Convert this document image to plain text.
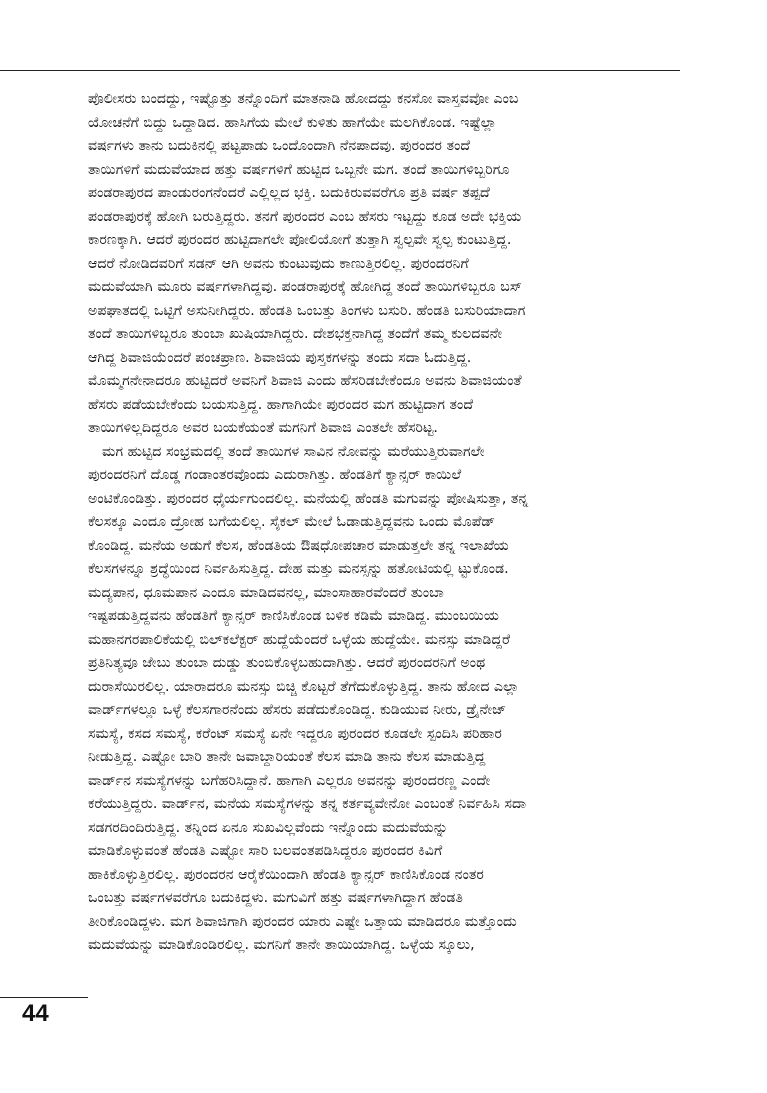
ಪೊಲೀಸರು ಬಂದದ್ದು, ಇಷ್ಟೊತ್ತು ತನ್ನೊಂದಿಗೆ ಮಾತನಾಡಿ ಹೋದದ್ದು ಕನಸೋ ವಾಸ್ತವವೋ ಎಂಬ
ಯೋಚನೆಗೆ ಬಿದ್ದು ಒದ್ದಾಡಿದ. ಹಾಸಿಗೆಯ ಮೇಲೆ ಕುಳಿತು ಹಾಗೆಯೇ ಮಲಗಿಕೊಂಡ. ಇಷ್ಟೆಲ್ಲಾ
ವರ್ಷಗಳು ತಾನು ಬದುಕಿನಲ್ಲಿ ಪಟ್ಟಪಾಡು ಒಂದೊಂದಾಗಿ ನೆನಪಾದವು. ಪುರಂದರ ತಂದೆ
ತಾಯಿಗಳಿಗೆ ಮದುವೆಯಾದ ಹತ್ತು ವರ್ಷಗಳಿಗೆ ಹುಟ್ಟಿದ ಒಬ್ಬನೇ ಮಗ. ತಂದೆ ತಾಯಿಗಳಿಬ್ಬರಿಗೂ
ಪಂಡರಾಪುರದ ಪಾಂಡುರಂಗನೆಂದರೆ ಎಲ್ಲಿಲ್ಲದ ಭಕ್ತಿ. ಬದುಕಿರುವವರೆಗೂ ಪ್ರತಿ ವರ್ಷ ತಪ್ಪದೆ
ಪಂಡರಾಪುರಕ್ಕೆ ಹೋಗಿ ಬರುತ್ತಿದ್ದರು. ತನಗೆ ಪುರಂದರ ಎಂಬ ಹೆಸರು ಇಟ್ಟದ್ದು ಕೂಡ ಅದೇ ಭಕ್ತಿಯ
ಕಾರಣಕ್ಕಾಗಿ. ಆದರೆ ಪುರಂದರ ಹುಟ್ಟಿದಾಗಲೇ ಪೋಲಿಯೋಗೆ ತುತ್ತಾಗಿ ಸ್ವಲ್ಪವೇ ಸ್ವಲ್ಪ ಕುಂಟುತ್ತಿದ್ದ.
ಆದರೆ ನೋಡಿದವರಿಗೆ ಸಡನ್ ಆಗಿ ಅವನು ಕುಂಟುವುದು ಕಾಣುತ್ತಿರಲಿಲ್ಲ. ಪುರಂದರನಿಗೆ
ಮದುವೆಯಾಗಿ ಮೂರು ವರ್ಷಗಳಾಗಿದ್ದವು. ಪಂಡರಾಪುರಕ್ಕೆ ಹೋಗಿದ್ದ ತಂದೆ ತಾಯಿಗಳಿಬ್ಬರೂ ಬಸ್
ಅಪಘಾತದಲ್ಲಿ ಒಟ್ಟಿಗೆ ಅಸುನೀಗಿದ್ದರು. ಹೆಂಡತಿ ಒಂಬತ್ತು ತಿಂಗಳು ಬಸುರಿ. ಹೆಂಡತಿ ಬಸುರಿಯಾದಾಗ
ತಂದೆ ತಾಯಿಗಳಿಬ್ಬರೂ ತುಂಬಾ ಖುಷಿಯಾಗಿದ್ದರು. ದೇಶಭಕ್ತನಾಗಿದ್ದ ತಂದೆಗೆ ತಮ್ಮ ಕುಲದವನೇ
ಆಗಿದ್ದ ಶಿವಾಜಿಯೆಂದರೆ ಪಂಚಪ್ರಾಣ. ಶಿವಾಜಿಯ ಪುಸ್ತಕಗಳನ್ನು ತಂದು ಸದಾ ಓದುತ್ತಿದ್ದ.
ಮೊಮ್ಮಗನೇನಾದರೂ ಹುಟ್ಟಿದರೆ ಅವನಿಗೆ ಶಿವಾಜಿ ಎಂದು ಹೆಸರಿಡಬೇಕೆಂದೂ ಅವನು ಶಿವಾಜಿಯಂತೆ
ಹೆಸರು ಪಡೆಯಬೇಕೆಂದು ಬಯಸುತ್ತಿದ್ದ. ಹಾಗಾಗಿಯೇ ಪುರಂದರ ಮಗ ಹುಟ್ಟಿದಾಗ ತಂದೆ
ತಾಯಿಗಳಿಲ್ಲದಿದ್ದರೂ ಅವರ ಬಯಕೆಯಂತೆ ಮಗನಿಗೆ ಶಿವಾಜಿ ಎಂತಲೇ ಹೆಸರಿಟ್ಟ.
ಮಗ ಹುಟ್ಟಿದ ಸಂಭ್ರಮದಲ್ಲಿ ತಂದೆ ತಾಯಿಗಳ ಸಾವಿನ ನೋವನ್ನು ಮರೆಯುತ್ತಿರುವಾಗಲೇ
ಪುರಂದರನಿಗೆ ದೊಡ್ಡ ಗಂಡಾಂತರವೊಂದು ಎದುರಾಗಿತ್ತು. ಹೆಂಡತಿಗೆ ಕ್ಯಾನ್ಸರ್ ಕಾಯಿಲೆ
ಅಂಟಿಕೊಂಡಿತ್ತು. ಪುರಂದರ ಧೈರ್ಯಗುಂದಲಿಲ್ಲ. ಮನೆಯಲ್ಲಿ ಹೆಂಡತಿ ಮಗುವನ್ನು ಪೋಷಿಸುತ್ತಾ, ತನ್ನ
ಕೆಲಸಕ್ಕೂ ಎಂದೂ ದ್ರೋಹ ಬಗೆಯಲಿಲ್ಲ. ಸೈಕಲ್ ಮೇಲೆ ಓಡಾಡುತ್ತಿದ್ದವನು ಒಂದು ಮೊಪೆಡ್
ಕೊಂಡಿದ್ದ. ಮನೆಯ ಅಡುಗೆ ಕೆಲಸ, ಹೆಂಡತಿಯ ಔಷಧೋಪಚಾರ ಮಾಡುತ್ತಲೇ ತನ್ನ ಇಲಾಖೆಯ
ಕೆಲಸಗಳನ್ನೂ ಶ್ರದ್ಧೆಯಿಂದ ನಿರ್ವಹಿಸುತ್ತಿದ್ದ. ದೇಹ ಮತ್ತು ಮನಸ್ಸನ್ನು ಹತೋಟಿಯಲ್ಲಿ ಟ್ಟುಕೊಂಡ.
ಮದ್ಯಪಾನ, ಧೂಮಪಾನ ಎಂದೂ ಮಾಡಿದವನಲ್ಲ, ಮಾಂಸಾಹಾರವೆಂದರೆ ತುಂಬಾ
ಇಷ್ಟಪಡುತ್ತಿದ್ದವನು ಹೆಂಡತಿಗೆ ಕ್ಯಾನ್ಸರ್ ಕಾಣಿಸಿಕೊಂಡ ಬಳಿಕ ಕಡಿಮೆ ಮಾಡಿದ್ದ. ಮುಂಬಯಿಯ
ಮಹಾನಗರಪಾಲಿಕೆಯಲ್ಲಿ ಬಿಲ್‌ಕಲೆಕ್ಟರ್ ಹುದ್ದೆಯೆಂದರೆ ಒಳ್ಳೆಯ ಹುದ್ದೆಯೇ. ಮನಸ್ಸು ಮಾಡಿದ್ದರೆ
ಪ್ರತಿನಿತ್ಯವೂ ಜೇಬು ತುಂಬಾ ದುಡ್ಡು ತುಂಬಿಕೊಳ್ಳಬಹುದಾಗಿತ್ತು. ಆದರೆ ಪುರಂದರನಿಗೆ ಅಂಥ
ದುರಾಸೆಯಿರಲಿಲ್ಲ. ಯಾರಾದರೂ ಮನಸ್ಸು ಬಿಚ್ಚಿ ಕೊಟ್ಟರೆ ತೆಗೆದುಕೊಳ್ಳುತ್ತಿದ್ದ. ತಾನು ಹೋದ ಎಲ್ಲಾ
ವಾರ್ಡ್‌ಗಳಲ್ಲೂ ಒಳ್ಳೆ ಕೆಲಸಗಾರನೆಂದು ಹೆಸರು ಪಡೆದುಕೊಂಡಿದ್ದ. ಕುಡಿಯುವ ನೀರು, ಡ್ರೈನೇಜ್
ಸಮಸ್ಯೆ, ಕಸದ ಸಮಸ್ಯೆ, ಕರೆಂಟ್ ಸಮಸ್ಯೆ ಏನೇ ಇದ್ದರೂ ಪುರಂದರ ಕೂಡಲೇ ಸ್ಪಂದಿಸಿ ಪರಿಹಾರ
ನೀಡುತ್ತಿದ್ದ. ಎಷ್ಟೋ ಬಾರಿ ತಾನೇ ಜವಾಬ್ದಾರಿಯಂತೆ ಕೆಲಸ ಮಾಡಿ ತಾನು ಕೆಲಸ ಮಾಡುತ್ತಿದ್ದ
ವಾರ್ಡ್‌ನ ಸಮಸ್ಯೆಗಳನ್ನು ಬಗೆಹರಿಸಿದ್ದಾನೆ. ಹಾಗಾಗಿ ಎಲ್ಲರೂ ಅವನನ್ನು ಪುರಂದರಣ್ಣ ಎಂದೇ
ಕರೆಯುತ್ತಿದ್ದರು. ವಾರ್ಡ್‌ನ, ಮನೆಯ ಸಮಸ್ಯೆಗಳನ್ನು ತನ್ನ ಕರ್ತವ್ಯವೇನೋ ಎಂಬಂತೆ ನಿರ್ವಹಿಸಿ ಸದಾ
ಸಡಗರದಿಂದಿರುತ್ತಿದ್ದ. ತನ್ನಿಂದ ಏನೂ ಸುಖವಿಲ್ಲವೆಂದು ಇನ್ನೊಂದು ಮದುವೆಯನ್ನು
ಮಾಡಿಕೊಳ್ಳುವಂತೆ ಹೆಂಡತಿ ಎಷ್ಟೋ ಸಾರಿ ಬಲವಂತಪಡಿಸಿದ್ದರೂ ಪುರಂದರ ಕಿವಿಗೆ
ಹಾಕಿಕೊಳ್ಳುತ್ತಿರಲಿಲ್ಲ. ಪುರಂದರನ ಆರೈಕೆಯಿಂದಾಗಿ ಹೆಂಡತಿ ಕ್ಯಾನ್ಸರ್ ಕಾಣಿಸಿಕೊಂಡ ನಂತರ
ಒಂಬತ್ತು ವರ್ಷಗಳವರೆಗೂ ಬದುಕಿದ್ದಳು. ಮಗುವಿಗೆ ಹತ್ತು ವರ್ಷಗಳಾಗಿದ್ದಾಗ ಹೆಂಡತಿ
ತೀರಿಕೊಂಡಿದ್ದಳು. ಮಗ ಶಿವಾಜಿಗಾಗಿ ಪುರಂದರ ಯಾರು ಎಷ್ಟೇ ಒತ್ತಾಯ ಮಾಡಿದರೂ ಮತ್ತೊಂದು
ಮದುವೆಯನ್ನು ಮಾಡಿಕೊಂಡಿರಲಿಲ್ಲ. ಮಗನಿಗೆ ತಾನೇ ತಾಯಿಯಾಗಿದ್ದ. ಒಳ್ಳೆಯ ಸ್ಕೂಲು,
44
